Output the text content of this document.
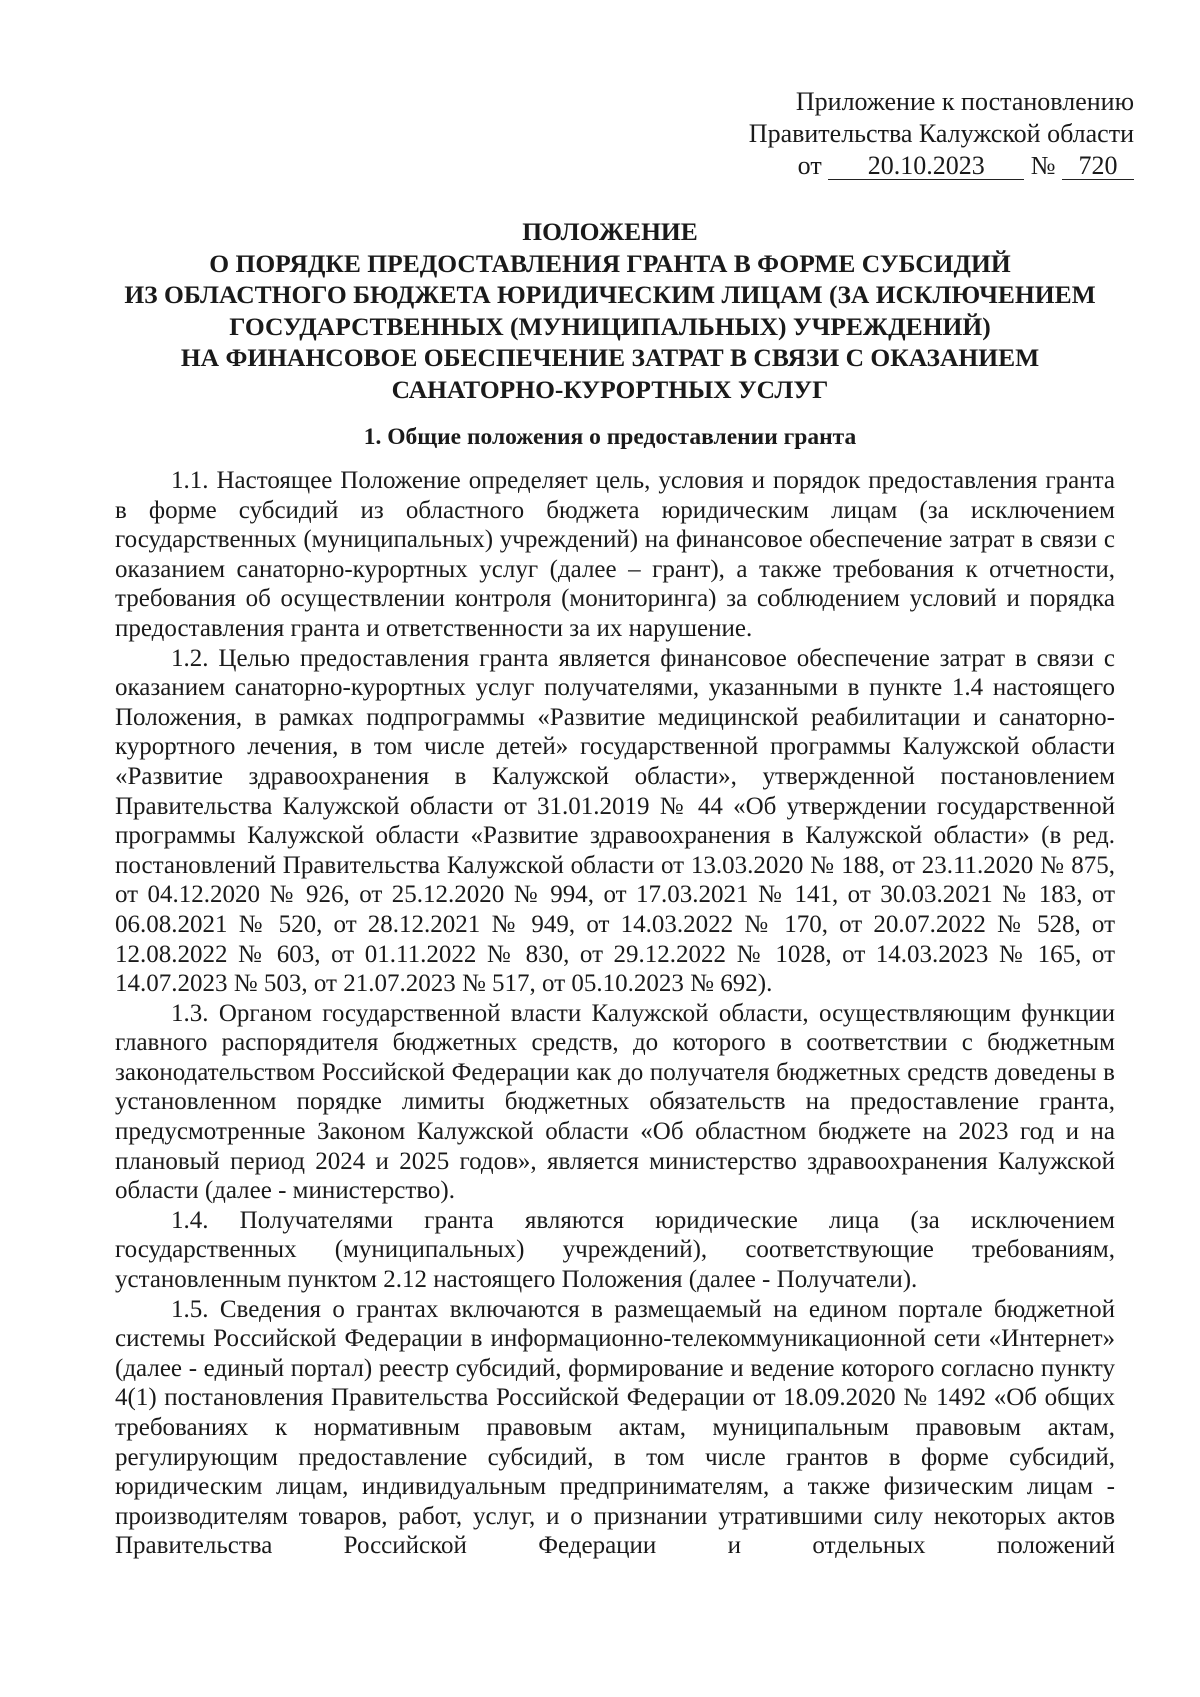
Приложение к постановлению
Правительства Калужской области
от 20.10.2023 № 720
ПОЛОЖЕНИЕ
О ПОРЯДКЕ ПРЕДОСТАВЛЕНИЯ ГРАНТА В ФОРМЕ СУБСИДИЙ
ИЗ ОБЛАСТНОГО БЮДЖЕТА ЮРИДИЧЕСКИМ ЛИЦАМ (ЗА ИСКЛЮЧЕНИЕМ
ГОСУДАРСТВЕННЫХ (МУНИЦИПАЛЬНЫХ) УЧРЕЖДЕНИЙ)
НА ФИНАНСОВОЕ ОБЕСПЕЧЕНИЕ ЗАТРАТ В СВЯЗИ С ОКАЗАНИЕМ
САНАТОРНО-КУРОРТНЫХ УСЛУГ
1. Общие положения о предоставлении гранта

1.1. Настоящее Положение определяет цель, условия и порядок предоставления гранта в форме субсидий из областного бюджета юридическим лицам (за исключением государственных (муниципальных) учреждений) на финансовое обеспечение затрат в связи с оказанием санаторно-курортных услуг (далее – грант), а также требования к отчетности, требования об осуществлении контроля (мониторинга) за соблюдением условий и порядка предоставления гранта и ответственности за их нарушение.

1.2. Целью предоставления гранта является финансовое обеспечение затрат в связи с оказанием санаторно-курортных услуг получателями, указанными в пункте 1.4 настоящего Положения, в рамках подпрограммы «Развитие медицинской реабилитации и санаторно-курортного лечения, в том числе детей» государственной программы Калужской области «Развитие здравоохранения в Калужской области», утвержденной постановлением Правительства Калужской области от 31.01.2019 № 44 «Об утверждении государственной программы Калужской области «Развитие здравоохранения в Калужской области» (в ред. постановлений Правительства Калужской области от 13.03.2020 № 188, от 23.11.2020 № 875, от 04.12.2020 № 926, от 25.12.2020 № 994, от 17.03.2021 № 141, от 30.03.2021 № 183, от 06.08.2021 № 520, от 28.12.2021 № 949, от 14.03.2022 № 170, от 20.07.2022 № 528, от 12.08.2022 № 603, от 01.11.2022 № 830, от 29.12.2022 № 1028, от 14.03.2023 № 165, от 14.07.2023 № 503, от 21.07.2023 № 517, от 05.10.2023 № 692).

1.3. Органом государственной власти Калужской области, осуществляющим функции главного распорядителя бюджетных средств, до которого в соответствии с бюджетным законодательством Российской Федерации как до получателя бюджетных средств доведены в установленном порядке лимиты бюджетных обязательств на предоставление гранта, предусмотренные Законом Калужской области «Об областном бюджете на 2023 год и на плановый период 2024 и 2025 годов», является министерство здравоохранения Калужской области (далее - министерство).

1.4. Получателями гранта являются юридические лица (за исключением государственных (муниципальных) учреждений), соответствующие требованиям, установленным пунктом 2.12 настоящего Положения (далее - Получатели).

1.5. Сведения о грантах включаются в размещаемый на едином портале бюджетной системы Российской Федерации в информационно-телекоммуникационной сети «Интернет» (далее - единый портал) реестр субсидий, формирование и ведение которого согласно пункту 4(1) постановления Правительства Российской Федерации от 18.09.2020 № 1492 «Об общих требованиях к нормативным правовым актам, муниципальным правовым актам, регулирующим предоставление субсидий, в том числе грантов в форме субсидий, юридическим лицам, индивидуальным предпринимателям, а также физическим лицам - производителям товаров, работ, услуг, и о признании утратившими силу некоторых актов Правительства Российской Федерации и отдельных положений
